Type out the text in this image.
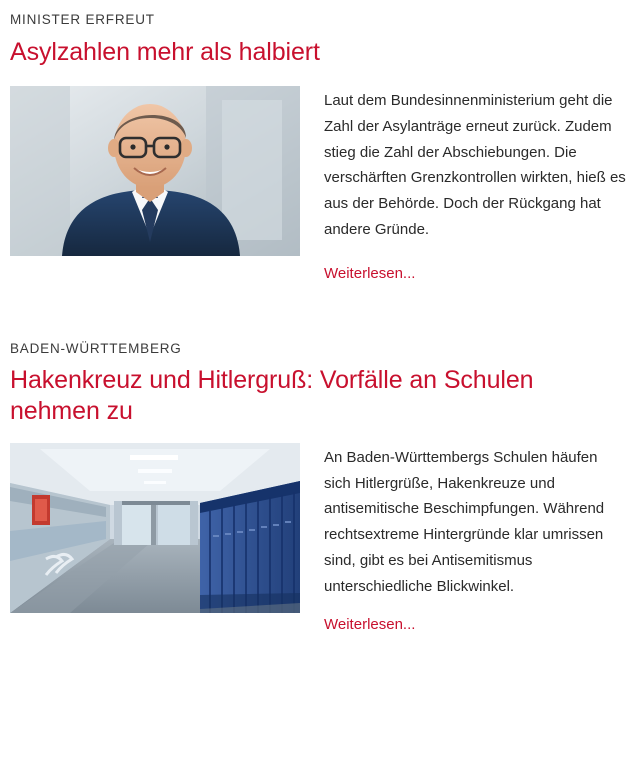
MINISTER ERFREUT
Asylzahlen mehr als halbiert

Laut dem Bundesinnenministerium geht die Zahl der Asylanträge erneut zurück. Zudem stieg die Zahl der Abschiebungen. Die verschärften Grenzkontrollen wirkten, hieß es aus der Behörde. Doch der Rückgang hat andere Gründe.

Weiterlesen...
BADEN-WÜRTTEMBERG
Hakenkreuz und Hitlergruß: Vorfälle an Schulen nehmen zu

An Baden-Württembergs Schulen häufen sich Hitlergrüße, Hakenkreuze und antisemitische Beschimpfungen. Während rechtsextreme Hintergründe klar umrissen sind, gibt es bei Antisemitismus unterschiedliche Blickwinkel.

Weiterlesen...
